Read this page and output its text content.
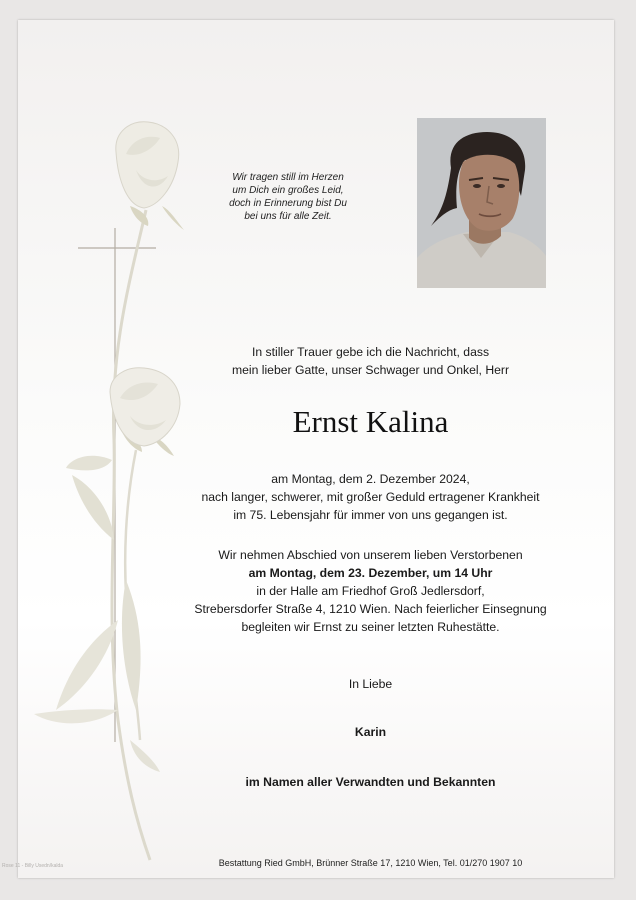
Wir tragen still im Herzen
um Dich ein großes Leid,
doch in Erinnerung bist Du
bei uns für alle Zeit.
In stiller Trauer gebe ich die Nachricht, dass
mein lieber Gatte, unser Schwager und Onkel, Herr
Ernst Kalina
am Montag, dem 2. Dezember 2024,
nach langer, schwerer, mit großer Geduld ertragener Krankheit
im 75. Lebensjahr für immer von uns gegangen ist.
Wir nehmen Abschied von unserem lieben Verstorbenen
am Montag, dem 23. Dezember, um 14 Uhr
in der Halle am Friedhof Groß Jedlersdorf,
Strebersdorfer Straße 4, 1210 Wien. Nach feierlicher Einsegnung
begleiten wir Ernst zu seiner letzten Ruhestätte.
In Liebe
Karin
im Namen aller Verwandten und Bekannten
Bestattung Ried GmbH, Brünner Straße 17, 1210 Wien, Tel. 01/270 1907 10
Rose 11 - Billy Usedn/kalda
